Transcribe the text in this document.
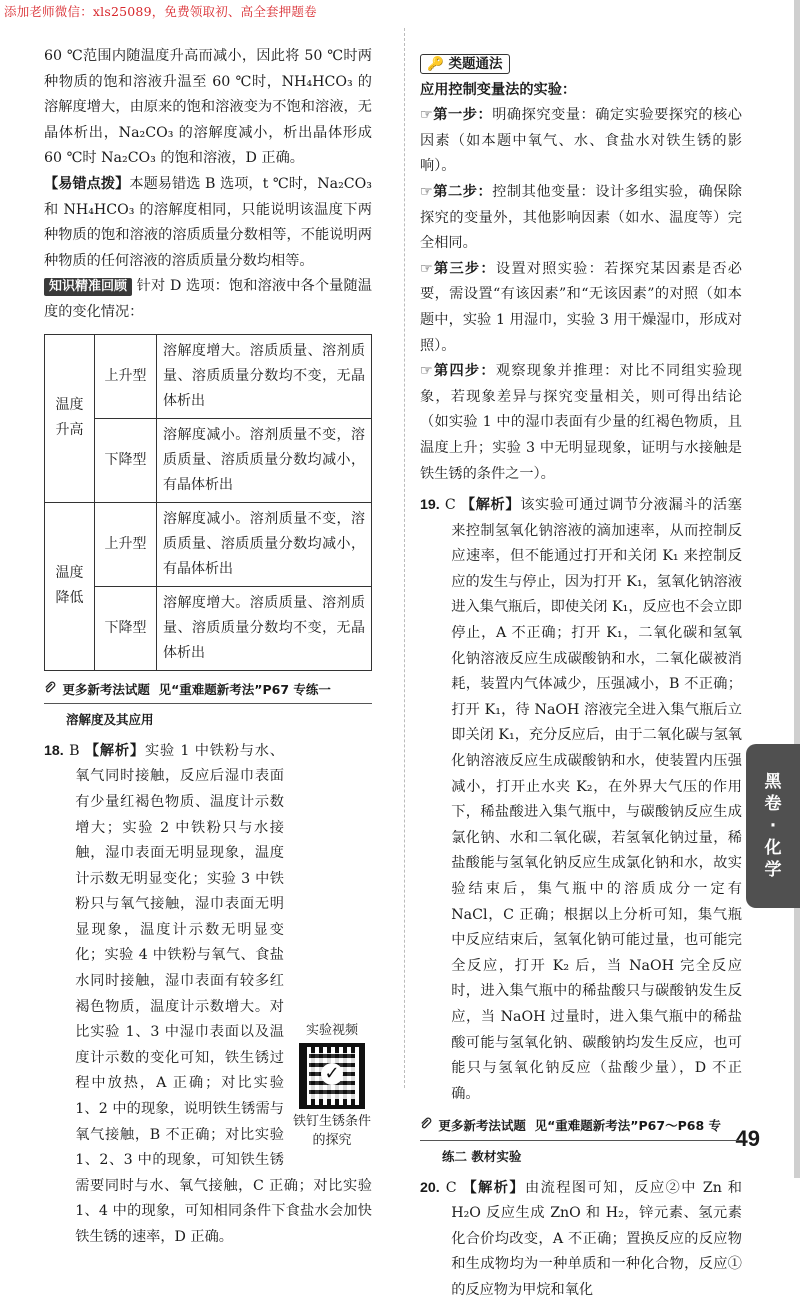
添加老师微信：xls25089，免费领取初、高全套押题卷
黑
卷
·
化
学
49

60 ℃范围内随温度升高而减小，因此将 50 ℃时两种物质的饱和溶液升温至 60 ℃时，NH₄HCO₃ 的溶解度增大，由原来的饱和溶液变为不饱和溶液，无晶体析出，Na₂CO₃ 的溶解度减小，析出晶体形成 60 ℃时 Na₂CO₃ 的饱和溶液，D 正确。

【易错点拨】本题易错选 B 选项，t ℃时，Na₂CO₃ 和 NH₄HCO₃ 的溶解度相同，只能说明该温度下两种物质的饱和溶液的溶质质量分数相等，不能说明两种物质的任何溶液的溶质质量分数均相等。

知识精准回顾 针对 D 选项：饱和溶液中各个量随温度的变化情况：

温度
升高	上升型	溶解度增大。溶质质量、溶剂质量、溶质质量分数均不变，无晶体析出
	下降型	溶解度减小。溶剂质量不变，溶质质量、溶质质量分数均减小，有晶体析出
温度
降低	上升型	溶解度减小。溶剂质量不变，溶质质量、溶质质量分数均减小，有晶体析出
	下降型	溶解度增大。溶质质量、溶剂质量、溶质质量分数均不变，无晶体析出
更多新考法试题 见“重难题新考法”P67 专练一
溶解度及其应用
实验视频
✓
铁钉生锈条件的探究

18. B 【解析】实验 1 中铁粉与水、氧气同时接触，反应后湿巾表面有少量红褐色物质、温度计示数增大；实验 2 中铁粉只与水接触，湿巾表面无明显现象，温度计示数无明显变化；实验 3 中铁粉只与氧气接触，湿巾表面无明显现象，温度计示数无明显变化；实验 4 中铁粉与氧气、食盐水同时接触，湿巾表面有较多红褐色物质，温度计示数增大。对比实验 1、3 中湿巾表面以及温度计示数的变化可知，铁生锈过程中放热，A 正确；对比实验 1、2 中的现象，说明铁生锈需与氧气接触，B 不正确；对比实验 1、2、3 中的现象，可知铁生锈需要同时与水、氧气接触，C 正确；对比实验 1、4 中的现象，可知相同条件下食盐水会加快铁生锈的速率，D 正确。

🔑 类题通法

应用控制变量法的实验：

☞第一步：明确探究变量：确定实验要探究的核心因素（如本题中氧气、水、食盐水对铁生锈的影响）。

☞第二步：控制其他变量：设计多组实验，确保除探究的变量外，其他影响因素（如水、温度等）完全相同。

☞第三步：设置对照实验：若探究某因素是否必要，需设置“有该因素”和“无该因素”的对照（如本题中，实验 1 用湿巾，实验 3 用干燥湿巾，形成对照）。

☞第四步：观察现象并推理：对比不同组实验现象，若现象差异与探究变量相关，则可得出结论（如实验 1 中的湿巾表面有少量的红褐色物质，且温度上升；实验 3 中无明显现象，证明与水接触是铁生锈的条件之一）。

19. C 【解析】该实验可通过调节分液漏斗的活塞来控制氢氧化钠溶液的滴加速率，从而控制反应速率，但不能通过打开和关闭 K₁ 来控制反应的发生与停止，因为打开 K₁，氢氧化钠溶液进入集气瓶后，即使关闭 K₁，反应也不会立即停止，A 不正确；打开 K₁，二氧化碳和氢氧化钠溶液反应生成碳酸钠和水，二氧化碳被消耗，装置内气体减少，压强减小，B 不正确；打开 K₁，待 NaOH 溶液完全进入集气瓶后立即关闭 K₁，充分反应后，由于二氧化碳与氢氧化钠溶液反应生成碳酸钠和水，使装置内压强减小，打开止水夹 K₂，在外界大气压的作用下，稀盐酸进入集气瓶中，与碳酸钠反应生成氯化钠、水和二氧化碳，若氢氧化钠过量，稀盐酸能与氢氧化钠反应生成氯化钠和水，故实验结束后，集气瓶中的溶质成分一定有 NaCl，C 正确；根据以上分析可知，集气瓶中反应结束后，氢氧化钠可能过量，也可能完全反应，打开 K₂ 后，当 NaOH 完全反应时，进入集气瓶中的稀盐酸只与碳酸钠发生反应，当 NaOH 过量时，进入集气瓶中的稀盐酸可能与氢氧化钠、碳酸钠均发生反应，也可能只与氢氧化钠反应（盐酸少量），D 不正确。

更多新考法试题 见“重难题新考法”P67～P68 专
练二 教材实验

20. C 【解析】由流程图可知，反应②中 Zn 和 H₂O 反应生成 ZnO 和 H₂，锌元素、氢元素化合价均改变，A 不正确；置换反应的反应物和生成物均为一种单质和一种化合物，反应①的反应物为甲烷和氧化
